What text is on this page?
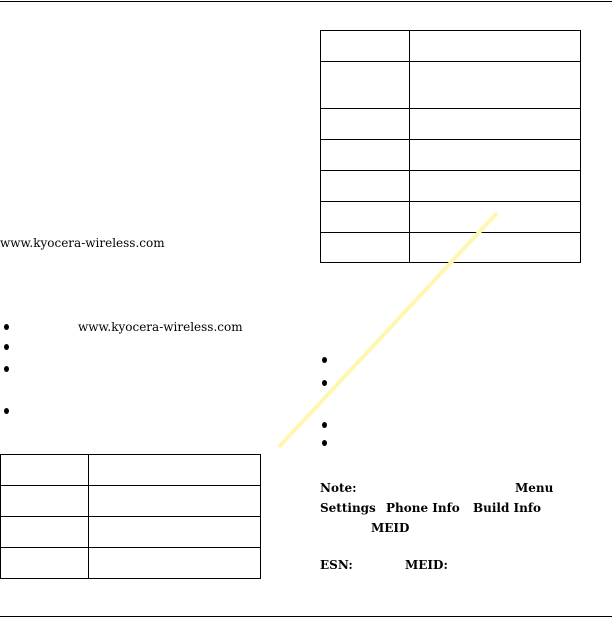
www.kyocera-wireless.com
www.kyocera-wireless.com

Note:	Menu
Settings Phone Info Build Info
MEID
ESN:	MEID:
